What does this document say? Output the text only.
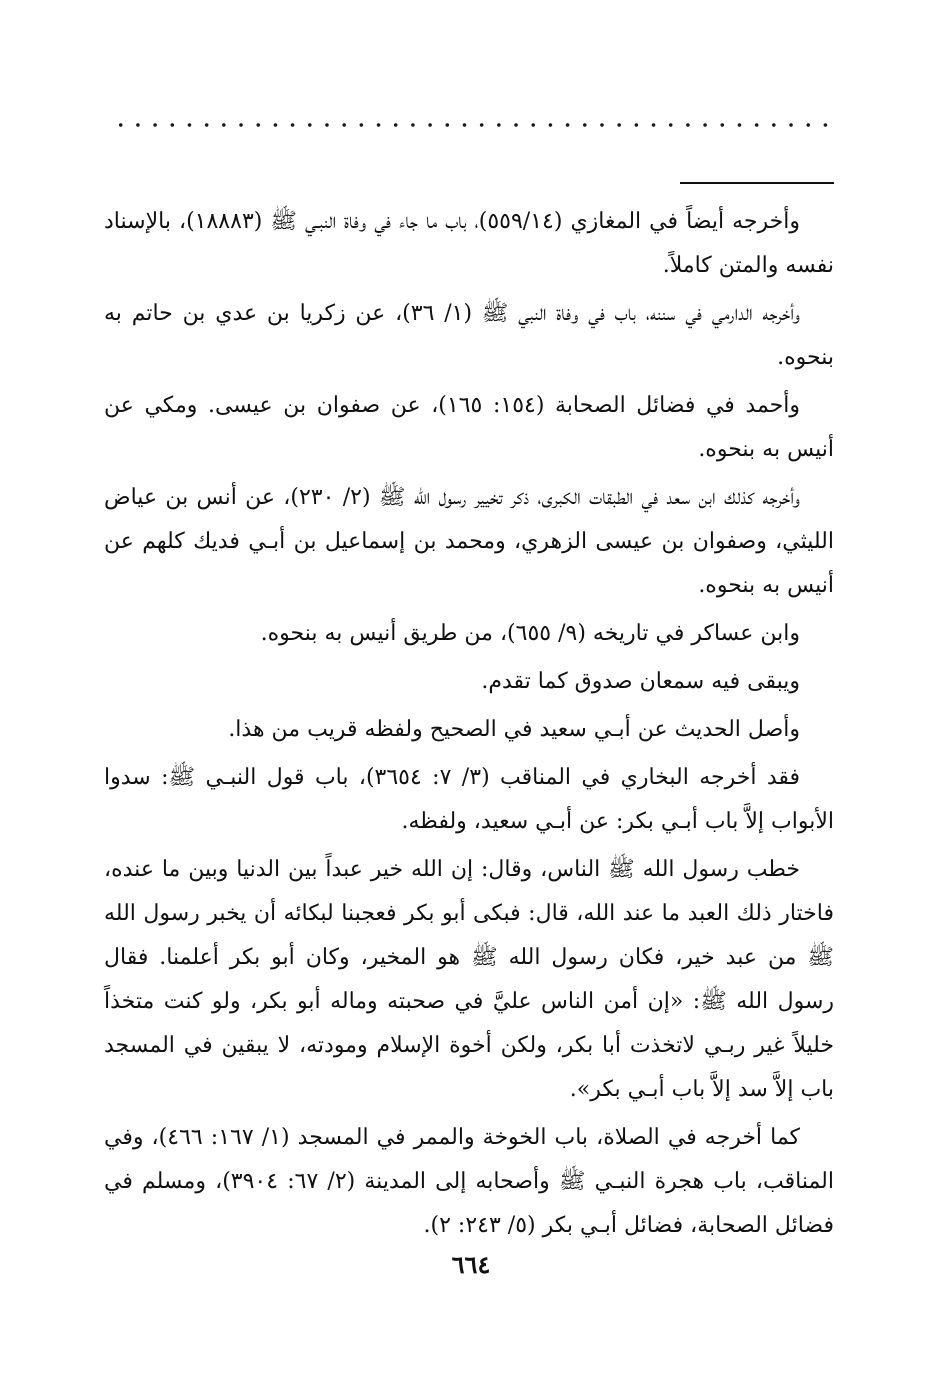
وأخرجه أيضاً في المغازي (٥٥٩/١٤)، باب ما جاء في وفاة النبـي ﷺ (١٨٨٨٣)، بالإسناد نفسه والمتن كاملاً.

وأخرجه الدارمي في سننه، باب في وفاة النبي ﷺ (١/ ٣٦)، عن زكريا بن عدي بن حاتم به بنحوه.

وأحمد في فضائل الصحابة (١٥٤: ١٦٥)، عن صفوان بن عيسى. ومكي عن أنيس به بنحوه.

وأخرجه كذلك ابن سعد في الطبقات الكبرى، ذكر تخيير رسول الله ﷺ (٢/ ٢٣٠)، عن أنس بن عياض الليثي، وصفوان بن عيسى الزهري، ومحمد بن إسماعيل بن أبـي فديك كلهم عن أنيس به بنحوه.

وابن عساكر في تاريخه (٩/ ٦٥٥)، من طريق أنيس به بنحوه.

ويبقى فيه سمعان صدوق كما تقدم.

وأصل الحديث عن أبـي سعيد في الصحيح ولفظه قريب من هذا.

فقد أخرجه البخاري في المناقب (٣/ ٧: ٣٦٥٤)، باب قول النبـي ﷺ: سدوا الأبواب إلاَّ باب أبـي بكر: عن أبـي سعيد، ولفظه.

خطب رسول الله ﷺ الناس، وقال: إن الله خير عبداً بين الدنيا وبين ما عنده، فاختار ذلك العبد ما عند الله، قال: فبكى أبو بكر فعجبنا لبكائه أن يخبر رسول الله ﷺ من عبد خير، فكان رسول الله ﷺ هو المخير، وكان أبو بكر أعلمنا. فقال رسول الله ﷺ: «إن أمن الناس عليَّ في صحبته وماله أبو بكر، ولو كنت متخذاً خليلاً غير ربـي لاتخذت أبا بكر، ولكن أخوة الإسلام ومودته، لا يبقين في المسجد باب إلاَّ سد إلاَّ باب أبـي بكر».

كما أخرجه في الصلاة، باب الخوخة والممر في المسجد (١/ ١٦٧: ٤٦٦)، وفي المناقب، باب هجرة النبـي ﷺ وأصحابه إلى المدينة (٢/ ٦٧: ٣٩٠٤)، ومسلم في فضائل الصحابة، فضائل أبـي بكر (٥/ ٢٤٣: ٢).

٦٦٤
